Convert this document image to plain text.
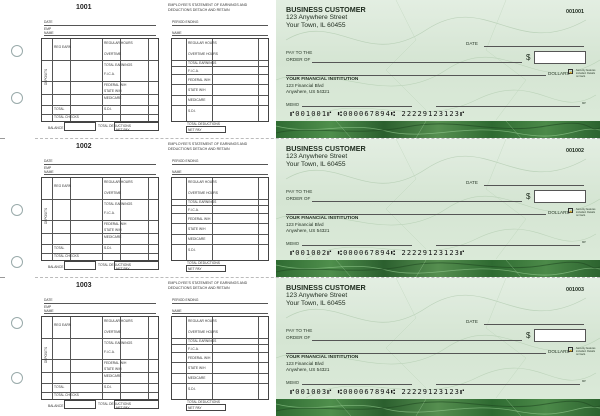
1001	EMPLOYEE'S STATEMENT OF EARNINGS AND DEDUCTIONS DETACH AND RETAIN
DATE
EMP
NAME
PERIOD ENDING
NAME
REG EARN
REGULAR HOURS
OVERTIME
TOTAL EARNINGS
F.I.C.A.
FEDERAL W/H
STATE W/H
MEDICARE
S.D.I.
TOTAL
TOTAL CHECKS
DEPOSITS
TOTAL DEDUCTIONS
BALANCE	NET PAY
REGULAR HOURS
OVERTIME HOURS
TOTAL EARNINGS
F.I.C.A.
FEDERAL W/H
STATE W/H
MEDICARE
S.D.I.
TOTAL DEDUCTIONS
NET PAY
BUSINESS CUSTOMER
123 Anywhere Street
Your Town, IL 60455
001001
DATE
PAY TO THE
ORDER OF	$
DOLLARS 🔒 Security features included. Details on back.
YOUR FINANCIAL INSTITUTION
123 Financial Blvd
Anywhere, US 54321
MEMO	MP
⑈001001⑈ ⑆000067894⑆ 22229123123⑈
1002	EMPLOYEE'S STATEMENT OF EARNINGS AND DEDUCTIONS DETACH AND RETAIN
DATE
EMP
NAME
PERIOD ENDING
NAME
REG EARN
REGULAR HOURS
OVERTIME
TOTAL EARNINGS
F.I.C.A.
FEDERAL W/H
STATE W/H
MEDICARE
S.D.I.
TOTAL
TOTAL CHECKS
DEPOSITS
TOTAL DEDUCTIONS
BALANCE	NET PAY
REGULAR HOURS
OVERTIME HOURS
TOTAL EARNINGS
F.I.C.A.
FEDERAL W/H
STATE W/H
MEDICARE
S.D.I.
TOTAL DEDUCTIONS
NET PAY
BUSINESS CUSTOMER
123 Anywhere Street
Your Town, IL 60455
001002
DATE
PAY TO THE
ORDER OF	$
DOLLARS 🔒 Security features included. Details on back.
YOUR FINANCIAL INSTITUTION
123 Financial Blvd
Anywhere, US 54321
MEMO	MP
⑈001002⑈ ⑆000067894⑆ 22229123123⑈
1003	EMPLOYEE'S STATEMENT OF EARNINGS AND DEDUCTIONS DETACH AND RETAIN
DATE
EMP
NAME
PERIOD ENDING
NAME
REG EARN
REGULAR HOURS
OVERTIME
TOTAL EARNINGS
F.I.C.A.
FEDERAL W/H
STATE W/H
MEDICARE
S.D.I.
TOTAL
TOTAL CHECKS
DEPOSITS
TOTAL DEDUCTIONS
BALANCE	NET PAY
REGULAR HOURS
OVERTIME HOURS
TOTAL EARNINGS
F.I.C.A.
FEDERAL W/H
STATE W/H
MEDICARE
S.D.I.
TOTAL DEDUCTIONS
NET PAY
BUSINESS CUSTOMER
123 Anywhere Street
Your Town, IL 60455
001003
DATE
PAY TO THE
ORDER OF	$
DOLLARS 🔒 Security features included. Details on back.
YOUR FINANCIAL INSTITUTION
123 Financial Blvd
Anywhere, US 54321
MEMO	MP
⑈001003⑈ ⑆000067894⑆ 22229123123⑈
